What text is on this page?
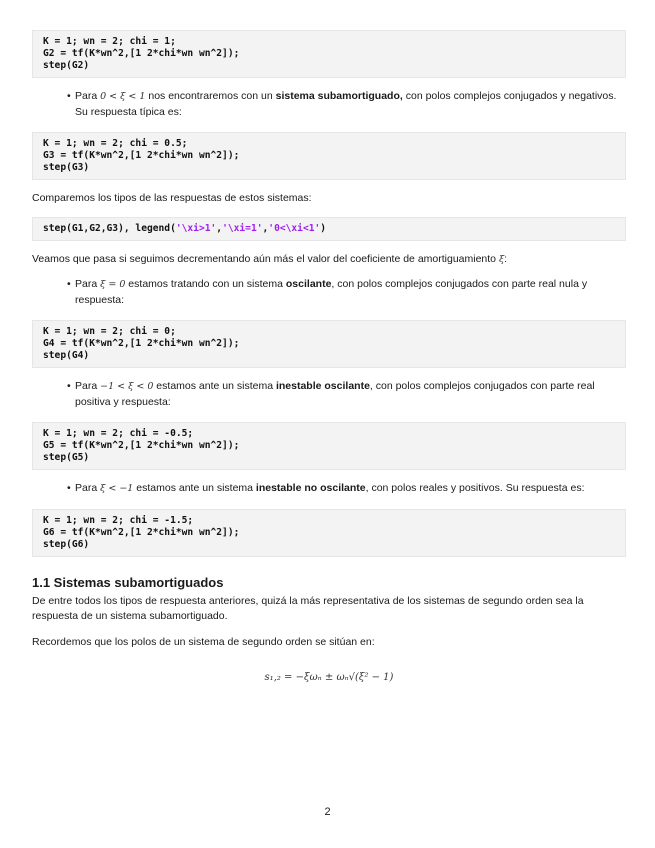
K = 1; wn = 2; chi = 1;
G2 = tf(K*wn^2,[1 2*chi*wn wn^2]);
step(G2)
• Para 0 < ξ < 1 nos encontraremos con un sistema subamortiguado, con polos complejos conjugados y negativos. Su respuesta típica es:
K = 1; wn = 2; chi = 0.5;
G3 = tf(K*wn^2,[1 2*chi*wn wn^2]);
step(G3)
Comparemos los tipos de las respuestas de estos sistemas:
step(G1,G2,G3), legend('\xi>1','\xi=1','0<\xi<1')
Veamos que pasa si seguimos decrementando aún más el valor del coeficiente de amortiguamiento ξ:
• Para ξ = 0 estamos tratando con un sistema oscilante, con polos complejos conjugados con parte real nula y respuesta:
K = 1; wn = 2; chi = 0;
G4 = tf(K*wn^2,[1 2*chi*wn wn^2]);
step(G4)
• Para −1 < ξ < 0 estamos ante un sistema inestable oscilante, con polos complejos conjugados con parte real positiva y respuesta:
K = 1; wn = 2; chi = -0.5;
G5 = tf(K*wn^2,[1 2*chi*wn wn^2]);
step(G5)
• Para ξ < −1 estamos ante un sistema inestable no oscilante, con polos reales y positivos. Su respuesta es:
K = 1; wn = 2; chi = -1.5;
G6 = tf(K*wn^2,[1 2*chi*wn wn^2]);
step(G6)
1.1 Sistemas subamortiguados
De entre todos los tipos de respuesta anteriores, quizá la más representativa de los sistemas de segundo orden sea la respuesta de un sistema subamortiguado.
Recordemos que los polos de un sistema de segundo orden se sitúan en:
s₁,₂ = −ξωₙ ± ωₙ√(ξ² − 1)
2
